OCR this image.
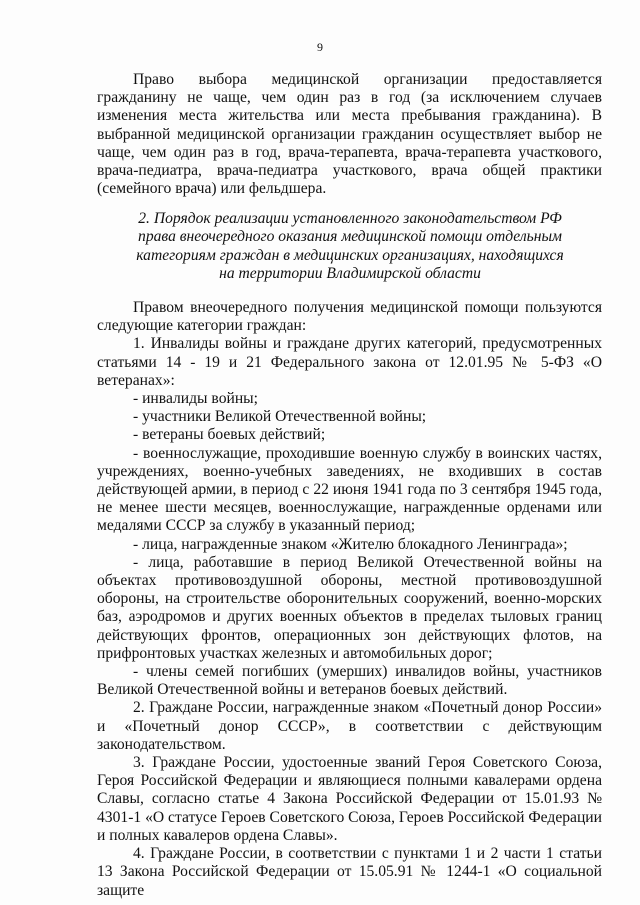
9

Право выбора медицинской организации предоставляется гражданину не чаще, чем один раз в год (за исключением случаев изменения места жительства или места пребывания гражданина). В выбранной медицинской организации гражданин осуществляет выбор не чаще, чем один раз в год, врача-терапевта, врача-терапевта участкового, врача-педиатра, врача-педиатра участкового, врача общей практики (семейного врача) или фельдшера.

2. Порядок реализации установленного законодательством РФ
права внеочередного оказания медицинской помощи отдельным
категориям граждан в медицинских организациях, находящихся
на территории Владимирской области

Правом внеочередного получения медицинской помощи пользуются следующие категории граждан:

1. Инвалиды войны и граждане других категорий, предусмотренных статьями 14 - 19 и 21 Федерального закона от 12.01.95 № 5-ФЗ «О ветеранах»:

- инвалиды войны;

- участники Великой Отечественной войны;

- ветераны боевых действий;

- военнослужащие, проходившие военную службу в воинских частях, учреждениях, военно-учебных заведениях, не входивших в состав действующей армии, в период с 22 июня 1941 года по 3 сентября 1945 года, не менее шести месяцев, военнослужащие, награжденные орденами или медалями СССР за службу в указанный период;

- лица, награжденные знаком «Жителю блокадного Ленинграда»;

- лица, работавшие в период Великой Отечественной войны на объектах противовоздушной обороны, местной противовоздушной обороны, на строительстве оборонительных сооружений, военно-морских баз, аэродромов и других военных объектов в пределах тыловых границ действующих фронтов, операционных зон действующих флотов, на прифронтовых участках железных и автомобильных дорог;

- члены семей погибших (умерших) инвалидов войны, участников Великой Отечественной войны и ветеранов боевых действий.

2. Граждане России, награжденные знаком «Почетный донор России» и «Почетный донор СССР», в соответствии с действующим законодательством.

3. Граждане России, удостоенные званий Героя Советского Союза, Героя Российской Федерации и являющиеся полными кавалерами ордена Славы, согласно статье 4 Закона Российской Федерации от 15.01.93 № 4301-1 «О статусе Героев Советского Союза, Героев Российской Федерации и полных кавалеров ордена Славы».

4. Граждане России, в соответствии с пунктами 1 и 2 части 1 статьи 13 Закона Российской Федерации от 15.05.91 № 1244-1 «О социальной защите
